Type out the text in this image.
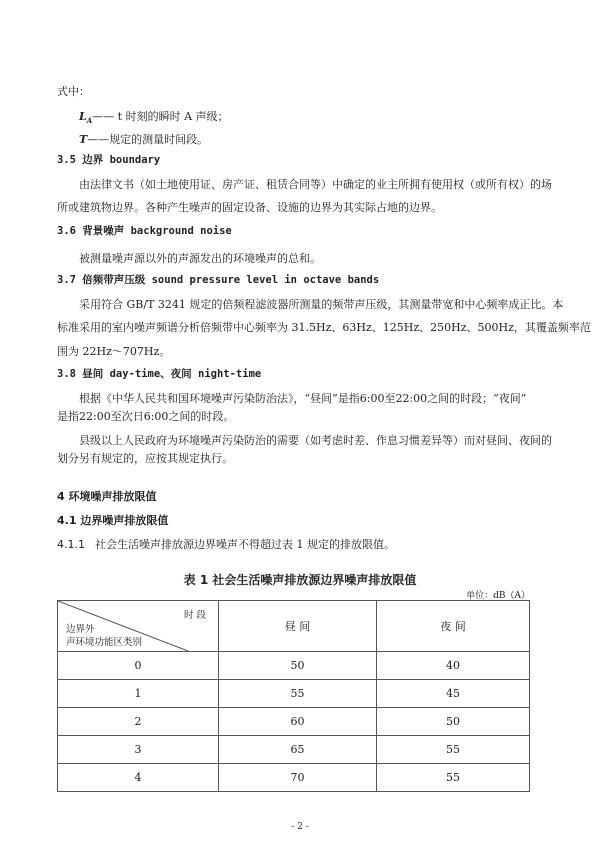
式中：
$L_A——$ t 时刻的瞬时 A 声级；
T——规定的测量时间段。
3.5 边界 boundary
由法律文书（如土地使用证、房产证、租赁合同等）中确定的业主所拥有使用权（或所有权）的场
所或建筑物边界。各种产生噪声的固定设备、设施的边界为其实际占地的边界。
3.6 背景噪声 background noise
被测量噪声源以外的声源发出的环境噪声的总和。
3.7 倍频带声压级 sound pressure level in octave bands
采用符合 GB/T 3241 规定的倍频程滤波器所测量的频带声压级，其测量带宽和中心频率成正比。本
标准采用的室内噪声频谱分析倍频带中心频率为 31.5Hz、63Hz、125Hz、250Hz、500Hz，其覆盖频率范
围为 22Hz～707Hz。
3.8 昼间 day-time、夜间 night-time
根据《中华人民共和国环境噪声污染防治法》，“昼间”是指6:00至22:00之间的时段；“夜间”
是指22:00至次日6:00之间的时段。
县级以上人民政府为环境噪声污染防治的需要（如考虑时差、作息习惯差异等）而对昼间、夜间的
划分另有规定的，应按其规定执行。
4 环境噪声排放限值
4.1 边界噪声排放限值
4.1.1 社会生活噪声排放源边界噪声不得超过表 1 规定的排放限值。
表 1 社会生活噪声排放源边界噪声排放限值
单位：dB（A）
时 段
边界外
声环境功能区类别	昼 间	夜 间
0	50	40
1	55	45
2	60	50
3	65	55
4	70	55
- 2 -
